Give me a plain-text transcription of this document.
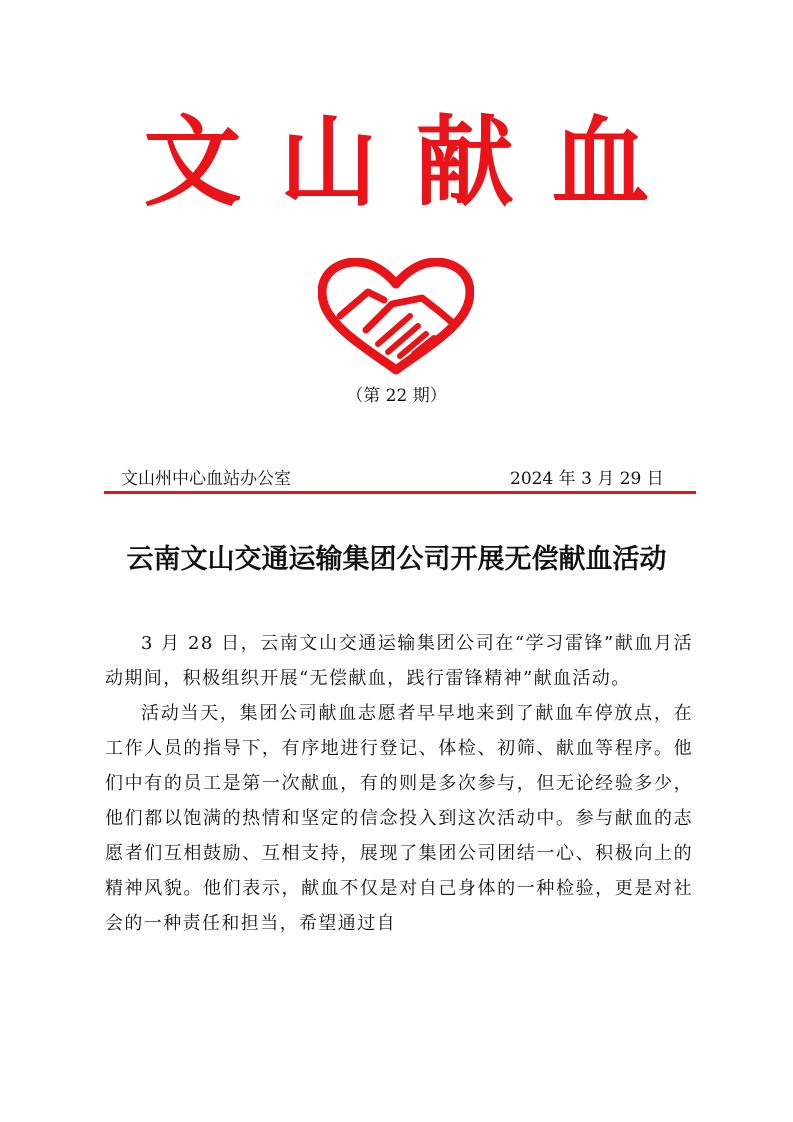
文山献血
（第 22 期）
文山州中心血站办公室	2024 年 3 月 29 日
云南文山交通运输集团公司开展无偿献血活动

3 月 28 日，云南文山交通运输集团公司在“学习雷锋”献血月活动期间，积极组织开展“无偿献血，践行雷锋精神”献血活动。

活动当天，集团公司献血志愿者早早地来到了献血车停放点，在工作人员的指导下，有序地进行登记、体检、初筛、献血等程序。他们中有的员工是第一次献血，有的则是多次参与，但无论经验多少，他们都以饱满的热情和坚定的信念投入到这次活动中。参与献血的志愿者们互相鼓励、互相支持，展现了集团公司团结一心、积极向上的精神风貌。他们表示，献血不仅是对自己身体的一种检验，更是对社会的一种责任和担当，希望通过自
